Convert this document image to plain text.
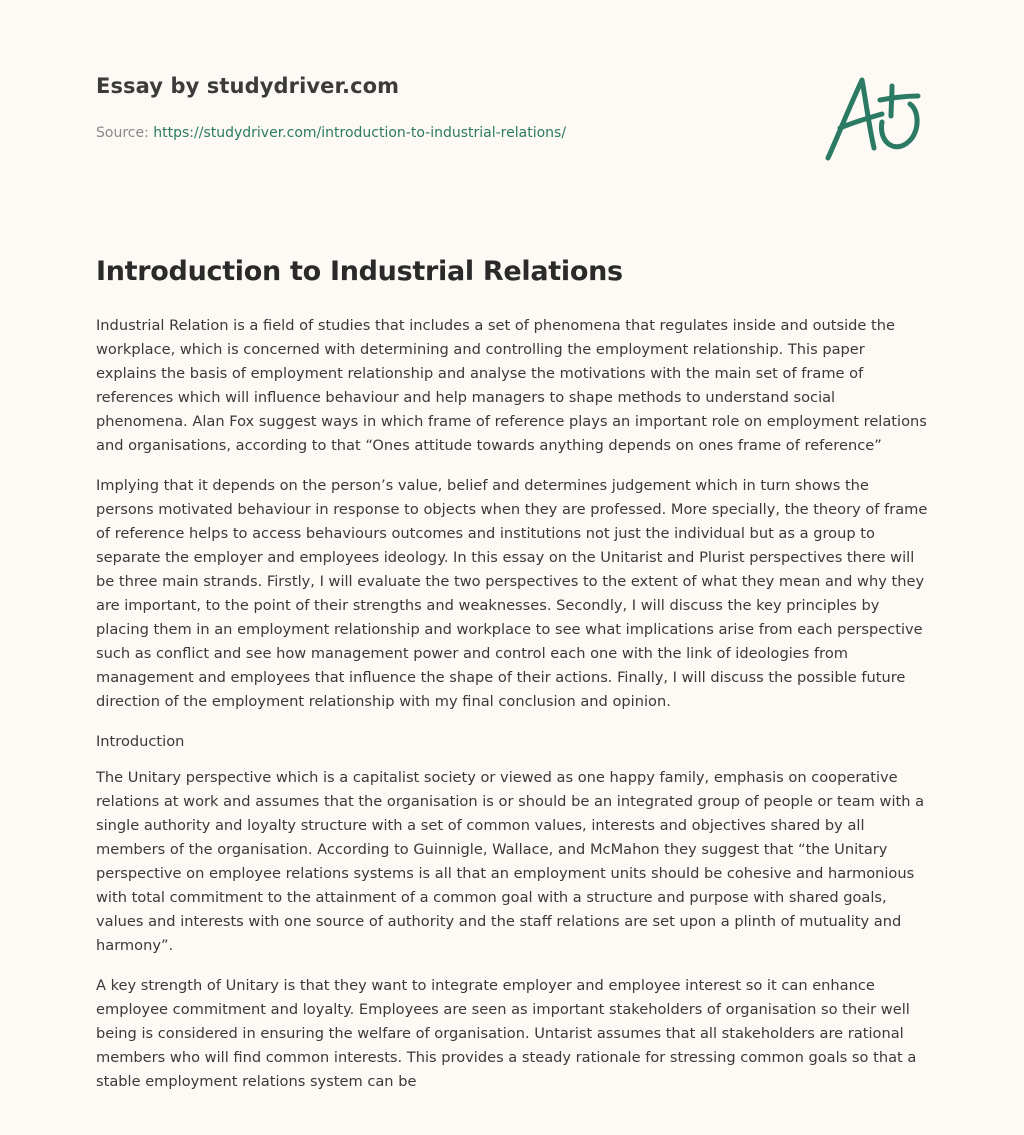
Essay by studydriver.com

Source: https://studydriver.com/introduction-to-industrial-relations/
Introduction to Industrial Relations

Industrial Relation is a field of studies that includes a set of phenomena that regulates inside and outside the workplace, which is concerned with determining and controlling the employment relationship. This paper explains the basis of employment relationship and analyse the motivations with the main set of frame of references which will influence behaviour and help managers to shape methods to understand social phenomena. Alan Fox suggest ways in which frame of reference plays an important role on employment relations and organisations, according to that “Ones attitude towards anything depends on ones frame of reference”

Implying that it depends on the person’s value, belief and determines judgement which in turn shows the persons motivated behaviour in response to objects when they are professed. More specially, the theory of frame of reference helps to access behaviours outcomes and institutions not just the individual but as a group to separate the employer and employees ideology. In this essay on the Unitarist and Plurist perspectives there will be three main strands. Firstly, I will evaluate the two perspectives to the extent of what they mean and why they are important, to the point of their strengths and weaknesses. Secondly, I will discuss the key principles by placing them in an employment relationship and workplace to see what implications arise from each perspective such as conflict and see how management power and control each one with the link of ideologies from management and employees that influence the shape of their actions. Finally, I will discuss the possible future direction of the employment relationship with my final conclusion and opinion.

Introduction

The Unitary perspective which is a capitalist society or viewed as one happy family, emphasis on cooperative relations at work and assumes that the organisation is or should be an integrated group of people or team with a single authority and loyalty structure with a set of common values, interests and objectives shared by all members of the organisation. According to Guinnigle, Wallace, and McMahon they suggest that “the Unitary perspective on employee relations systems is all that an employment units should be cohesive and harmonious with total commitment to the attainment of a common goal with a structure and purpose with shared goals, values and interests with one source of authority and the staff relations are set upon a plinth of mutuality and harmony”.

A key strength of Unitary is that they want to integrate employer and employee interest so it can enhance employee commitment and loyalty. Employees are seen as important stakeholders of organisation so their well being is considered in ensuring the welfare of organisation. Untarist assumes that all stakeholders are rational members who will find common interests. This provides a steady rationale for stressing common goals so that a stable employment relations system can be
